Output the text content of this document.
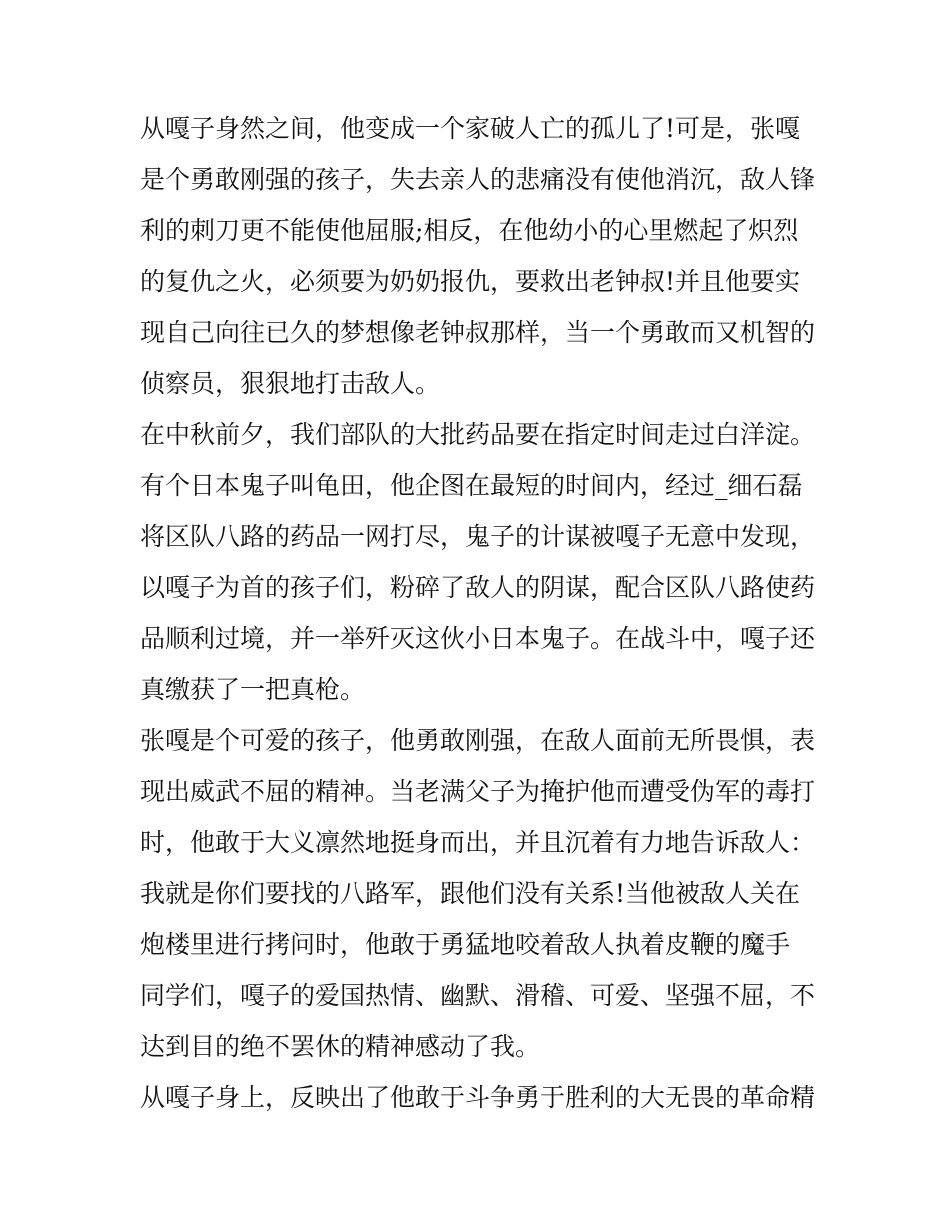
从嘎子身然之间，他变成一个家破人亡的孤儿了!可是，张嘎
是个勇敢刚强的孩子，失去亲人的悲痛没有使他消沉，敌人锋
利的刺刀更不能使他屈服;相反，在他幼小的心里燃起了炽烈
的复仇之火，必须要为奶奶报仇，要救出老钟叔!并且他要实
现自己向往已久的梦想像老钟叔那样，当一个勇敢而又机智的
侦察员，狠狠地打击敌人。
在中秋前夕，我们部队的大批药品要在指定时间走过白洋淀。
有个日本鬼子叫龟田，他企图在最短的时间内，经过_细石磊
将区队八路的药品一网打尽，鬼子的计谋被嘎子无意中发现，
以嘎子为首的孩子们，粉碎了敌人的阴谋，配合区队八路使药
品顺利过境，并一举歼灭这伙小日本鬼子。在战斗中，嘎子还
真缴获了一把真枪。
张嘎是个可爱的孩子，他勇敢刚强，在敌人面前无所畏惧，表
现出威武不屈的精神。当老满父子为掩护他而遭受伪军的毒打
时，他敢于大义凛然地挺身而出，并且沉着有力地告诉敌人：
我就是你们要找的八路军，跟他们没有关系!当他被敌人关在
炮楼里进行拷问时，他敢于勇猛地咬着敌人执着皮鞭的魔手
同学们，嘎子的爱国热情、幽默、滑稽、可爱、坚强不屈，不
达到目的绝不罢休的精神感动了我。
从嘎子身上，反映出了他敢于斗争勇于胜利的大无畏的革命精
